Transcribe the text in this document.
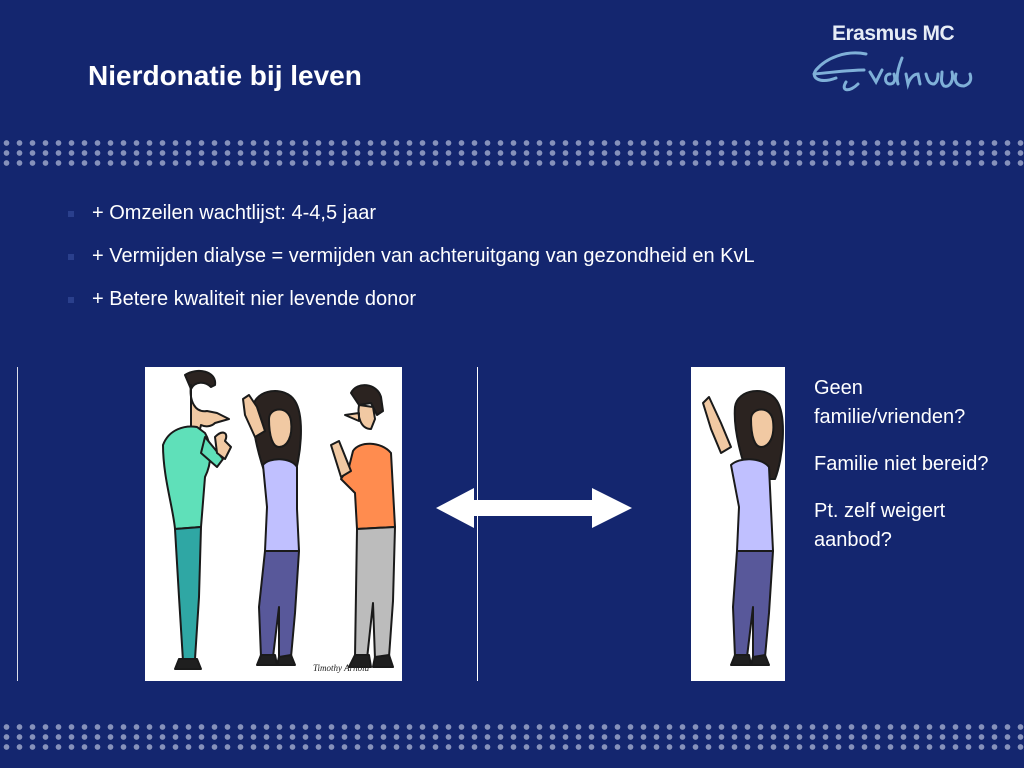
Nierdonatie bij leven
Erasmus MC
+ Omzeilen wachtlijst: 4-4,5 jaar
+ Vermijden dialyse = vermijden van achteruitgang van gezondheid en KvL
+ Betere kwaliteit nier levende donor
Timothy Arnold

Geen familie/vrienden?

Familie niet bereid?

Pt. zelf weigert aanbod?
